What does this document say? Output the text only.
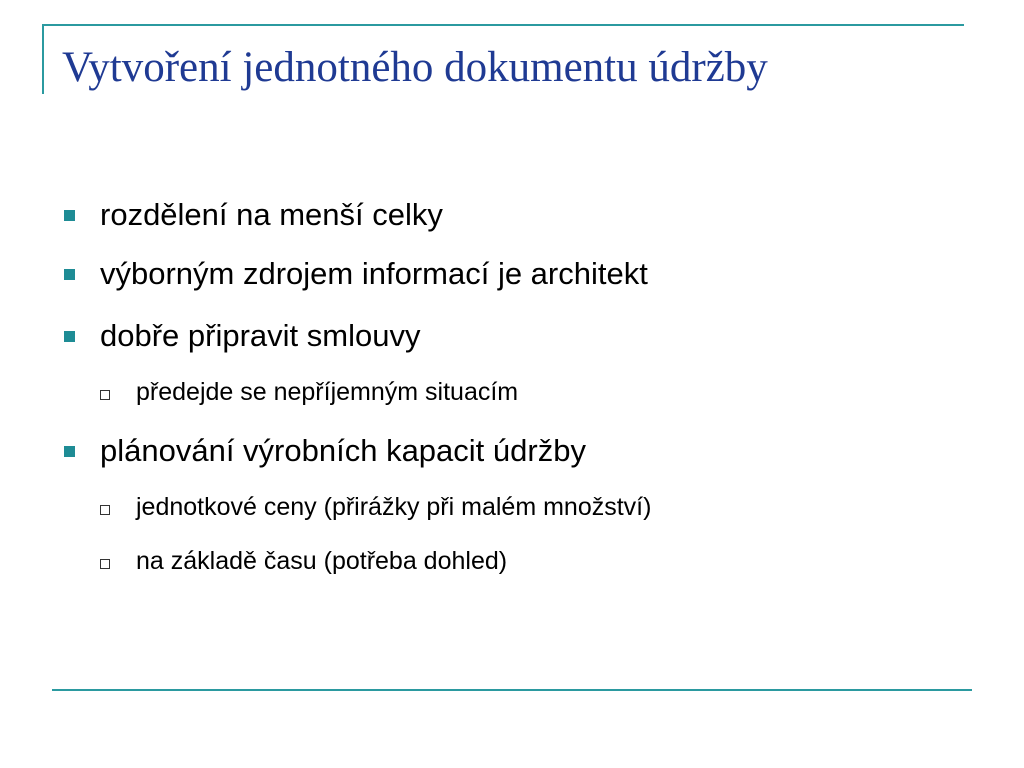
Vytvoření jednotného dokumentu údržby
rozdělení na menší celky
výborným zdrojem informací je architekt
dobře připravit smlouvy
předejde se nepříjemným situacím
plánování výrobních kapacit údržby
jednotkové ceny (přirážky při malém množství)
na základě času (potřeba dohled)
